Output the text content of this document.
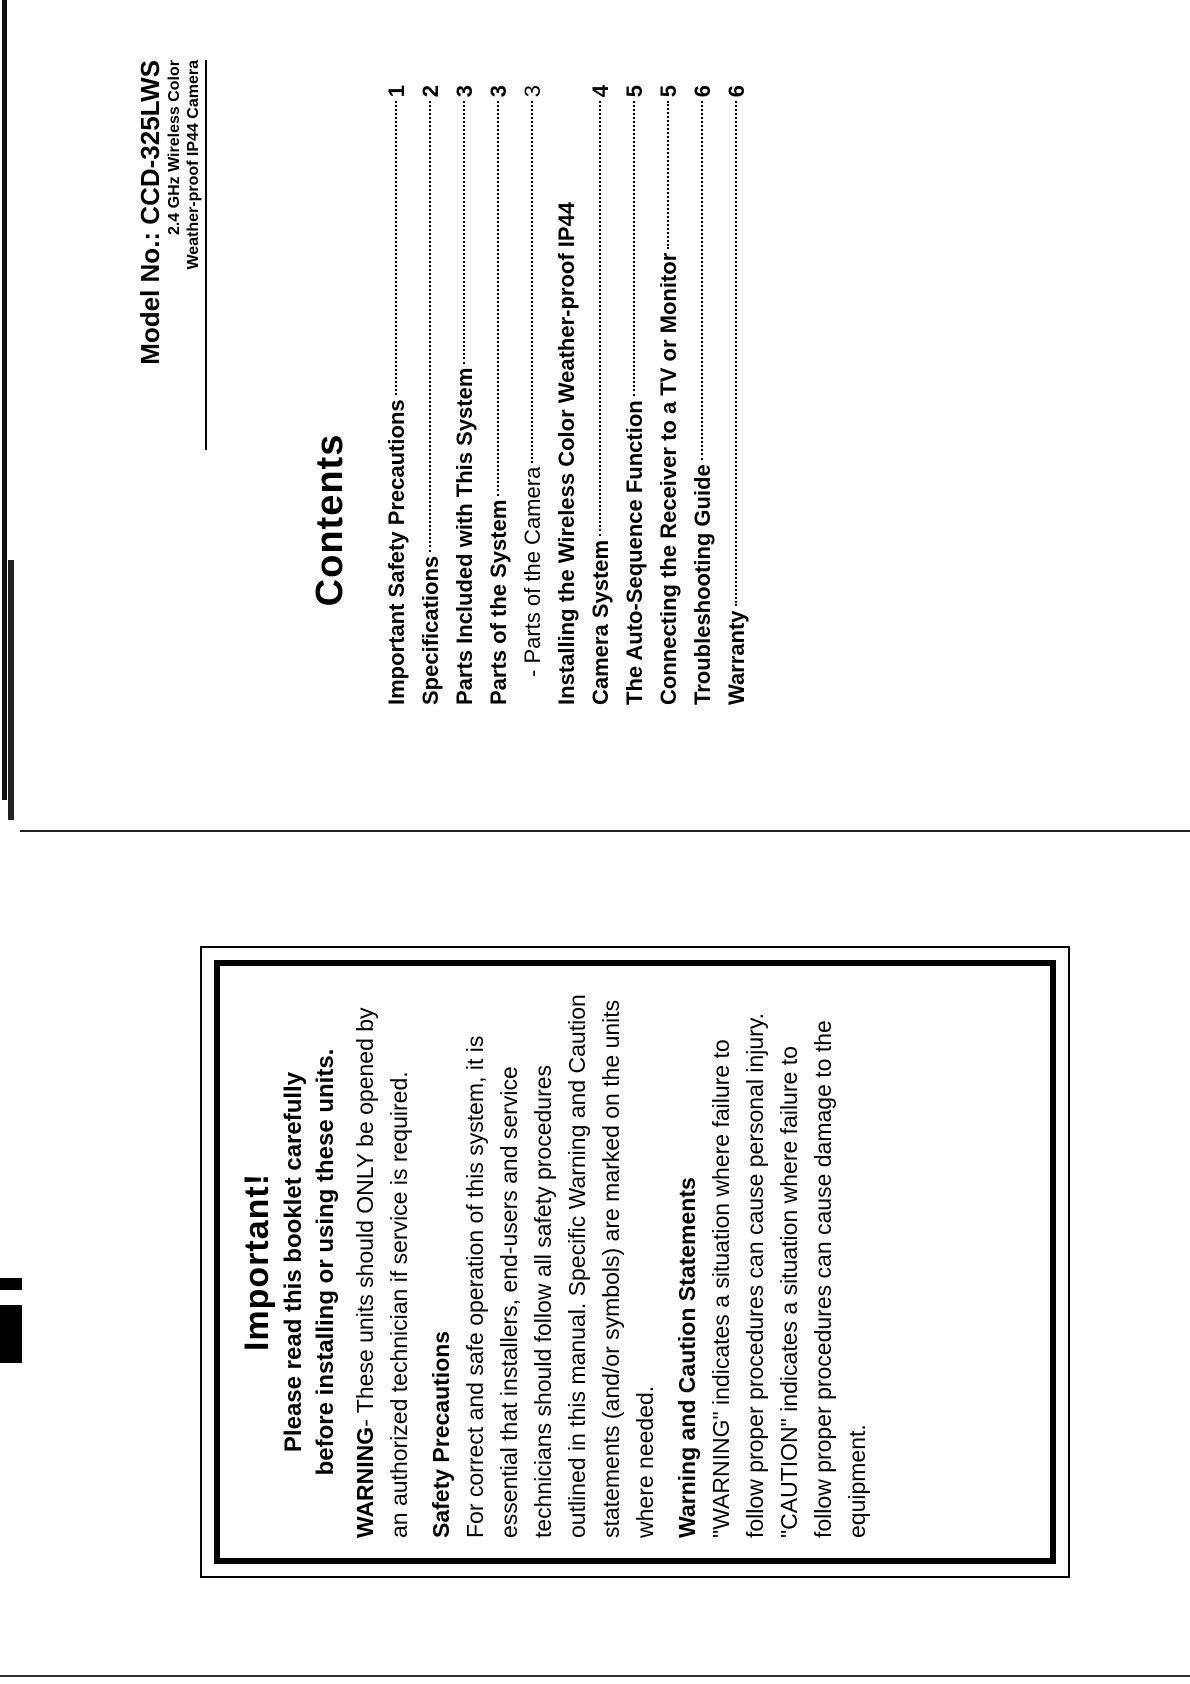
Important! Please read this booklet carefully before installing or using these units.

WARNING- These units should ONLY be opened by an authorized technician if service is required. Safety Precautions For correct and safe operation of this system, it is essential that installers, end-users and service technicians should follow all safety procedures outlined in this manual. Specific Warning and Caution statements (and/or symbols) are marked on the units where needed. Warning and Caution Statements "WARNING" indicates a situation where failure to follow proper procedures can cause personal injury. "CAUTION" indicates a situation where failure to follow proper procedures can cause damage to the equipment.

Model No.: CCD-325LWS 2.4 GHz Wireless Color Weather-proof IP44 Camera
Contents Important Safety Precautions
1
Specifications
2
Parts Included with This System
3
Parts of the System
3
- Parts of the Camera
3
Installing the Wireless Color Weather-proof IP44 Camera System
4
The Auto-Sequence Function
5
Connecting the Receiver to a TV or Monitor
5
Troubleshooting Guide
6
Warranty
6
